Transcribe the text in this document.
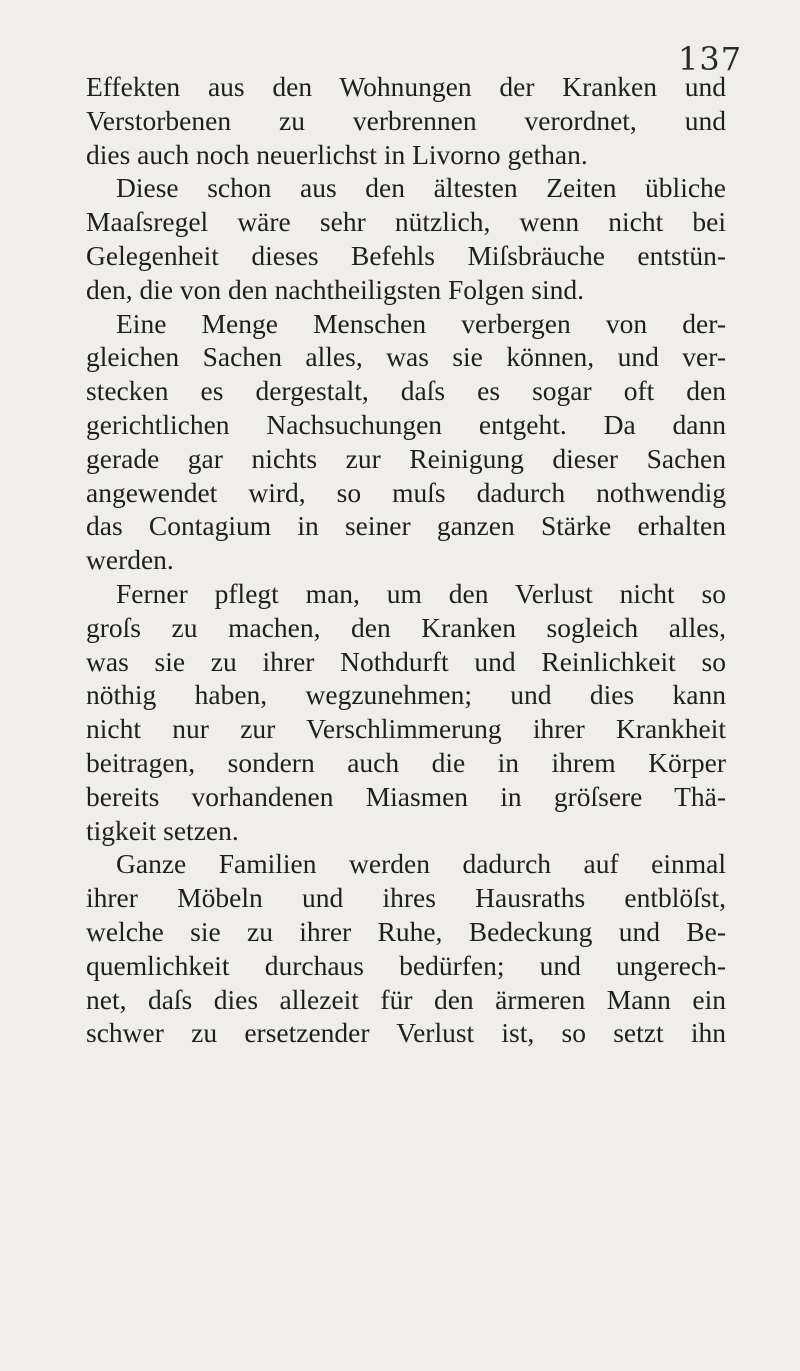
137
Effekten aus den Wohnungen der Kranken und
Verstorbenen zu verbrennen verordnet, und
dies auch noch neuerlichst in Livorno gethan.
Diese schon aus den ältesten Zeiten übliche
Maaſsregel wäre sehr nützlich, wenn nicht bei
Gelegenheit dieses Befehls Miſsbräuche entstün-
den, die von den nachtheiligsten Folgen sind.
Eine Menge Menschen verbergen von der-
gleichen Sachen alles, was sie können, und ver-
stecken es dergestalt, daſs es sogar oft den
gerichtlichen Nachsuchungen entgeht. Da dann
gerade gar nichts zur Reinigung dieser Sachen
angewendet wird, so muſs dadurch nothwendig
das Contagium in seiner ganzen Stärke erhalten
werden.
Ferner pflegt man, um den Verlust nicht so
groſs zu machen, den Kranken sogleich alles,
was sie zu ihrer Nothdurft und Reinlichkeit so
nöthig haben, wegzunehmen; und dies kann
nicht nur zur Verschlimmerung ihrer Krankheit
beitragen, sondern auch die in ihrem Körper
bereits vorhandenen Miasmen in gröſsere Thä-
tigkeit setzen.
Ganze Familien werden dadurch auf einmal
ihrer Möbeln und ihres Hausraths entblöſst,
welche sie zu ihrer Ruhe, Bedeckung und Be-
quemlichkeit durchaus bedürfen; und ungerech-
net, daſs dies allezeit für den ärmeren Mann ein
schwer zu ersetzender Verlust ist, so setzt ihn
